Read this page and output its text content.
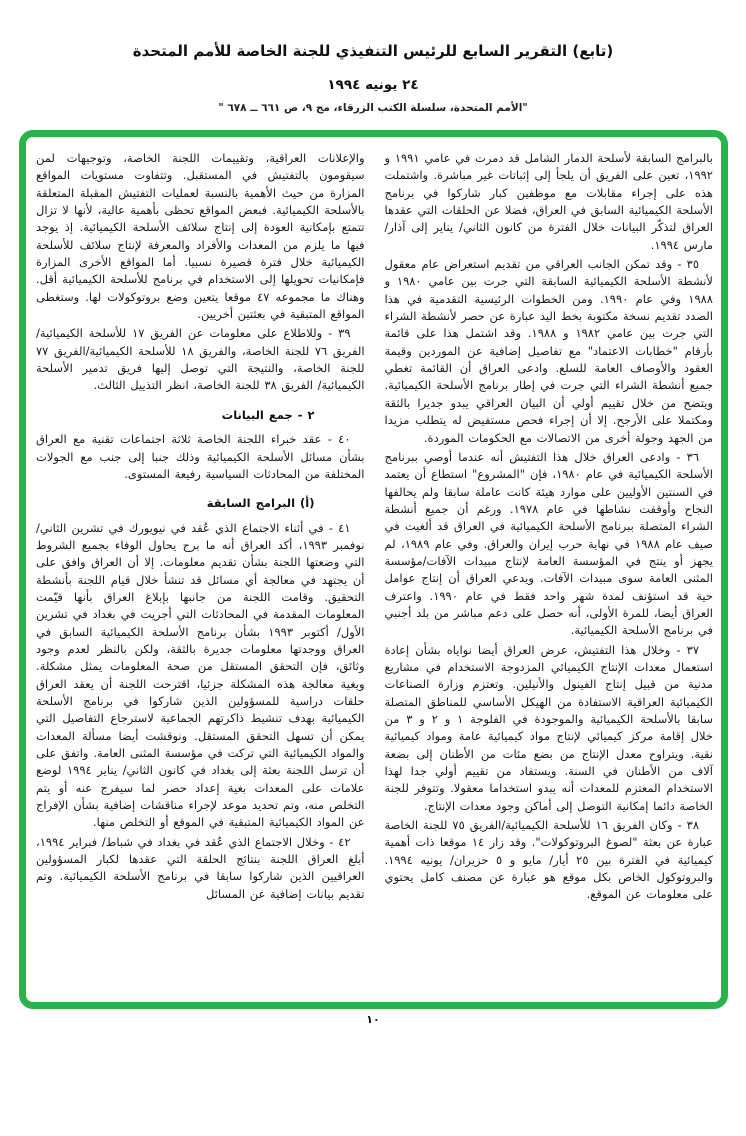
(تابع) التقرير السابع للرئيس التنفيذي للجنة الخاصة للأمم المتحدة
٢٤ يونيه ١٩٩٤
"الأمم المتحدة، سلسلة الكتب الزرقاء، مج ٩، ص ٦٦١ ــ ٦٧٨ "

بالبرامج السابقة لأسلحة الدمار الشامل قد دمرت في عامي ١٩٩١ و ١٩٩٢، تعين على الفريق أن يلجأ إلى إثباتات غير مباشرة. واشتملت هذه على إجراء مقابلات مع موظفين كبار شاركوا في برنامج الأسلحة الكيميائية السابق في العراق، فضلا عن الحلقات التي عقدها العراق لتذكّر البيانات خلال الفترة من كانون الثاني/ يناير إلى آذار/ مارس ١٩٩٤.

٣٥ - وقد تمكن الجانب العراقي من تقديم استعراض عام معقول لأنشطة الأسلحة الكيميائية السابقة التي جرت بين عامي ١٩٨٠ و ١٩٨٨ وفي عام ١٩٩٠. ومن الخطوات الرئيسية التقدمية في هذا الصدد تقديم نسخة مكتوبة بخط اليد عبارة عن حصر لأنشطة الشراء التي جرت بين عامي ١٩٨٢ و ١٩٨٨. وقد اشتمل هذا على قائمة بأرقام "خطابات الاعتماد" مع تفاصيل إضافية عن الموردين وقيمة العقود والأوصاف العامة للسلع. وادعى العراق أن القائمة تغطي جميع أنشطة الشراء التي جرت في إطار برنامج الأسلحة الكيميائية. ويتضح من خلال تقييم أولي أن البيان العراقي يبدو جديرا بالثقة ومكتملا على الأرجح. إلا أن إجراء فحص مستفيض له يتطلب مزيدا من الجهد وجولة أخرى من الاتصالات مع الحكومات الموردة.

٣٦ - وادعى العراق خلال هذا التفتيش أنه عندما أوصي ببرنامج الأسلحة الكيميائية في عام ١٩٨٠، فإن "المشروع" استطاع أن يعتمد في السنتين الأوليين على موارد هيئة كانت عاملة سابقا ولم يحالفها النجاح وأوقفت نشاطها في عام ١٩٧٨. ورغم أن جميع أنشطة الشراء المتصلة ببرنامج الأسلحة الكيميائية في العراق قد ألغيت في صيف عام ١٩٨٨ في نهاية حرب إيران والعراق. وفي عام ١٩٨٩، لم يجهز أو ينتج في المؤسسة العامة لإنتاج مبيدات الآفات/مؤسسة المثنى العامة سوى مبيدات الآفات. ويدعي العراق أن إنتاج عوامل حية قد استؤنف لمدة شهر واحد فقط في عام ١٩٩٠. واعترف العراق أيضا، للمرة الأولى، أنه حصل على دعم مباشر من بلد أجنبي في برنامج الأسلحة الكيميائية.

٣٧ - وخلال هذا التفتيش، عرض العراق أيضا نواياه بشأن إعادة استعمال معدات الإنتاج الكيميائي المزدوجة الاستخدام في مشاريع مدنية من قبيل إنتاج الفينول والأنيلين. وتعتزم وزارة الصناعات الكيميائية العراقية الاستفادة من الهيكل الأساسي للمناطق المتصلة سابقا بالأسلحة الكيميائية والموجودة في الفلوجة ١ و ٢ و ٣ من خلال إقامة مركز كيميائي لإنتاج مواد كيميائية عامة ومواد كيميائية نقية. ويتراوح معدل الإنتاج من بضع مئات من الأطنان إلى بضعة آلاف من الأطنان في السنة. ويستفاد من تقييم أولي جدا لهذا الاستخدام المعتزم للمعدات أنه يبدو استخداما معقولا. وتتوفر للجنة الخاصة دائما إمكانية التوصل إلى أماكن وجود معدات الإنتاج.

٣٨ - وكان الفريق ١٦ للأسلحة الكيميائية/الفريق ٧٥ للجنة الخاصة عبارة عن بعثة "لصوغ البروتوكولات". وقد زار ١٤ موقعا ذات أهمية كيميائية في الفترة بين ٢٥ أيار/ مايو و ٥ حزيران/ يونيه ١٩٩٤. والبروتوكول الخاص بكل موقع هو عبارة عن مصنف كامل يحتوي على معلومات عن الموقع.

والإعلانات العراقية، وتقييمات اللجنة الخاصة، وتوجيهات لمن سيقومون بالتفتيش في المستقبل. وتتفاوت مستويات المواقع المزارة من حيث الأهمية بالنسبة لعمليات التفتيش المقبلة المتعلقة بالأسلحة الكيميائية. فبعض المواقع تحظى بأهمية عالية، لأنها لا تزال تتمتع بإمكانية العودة إلى إنتاج سلائف الأسلحة الكيميائية. إذ يوجد فيها ما يلزم من المعدات والأفراد والمعرفة لإنتاج سلائف للأسلحة الكيميائية خلال فترة قصيرة نسبيا. أما المواقع الأخرى المزارة فإمكانيات تحويلها إلى الاستخدام في برنامج للأسلحة الكيميائية أقل. وهناك ما مجموعه ٤٧ موقعا يتعين وضع بروتوكولات لها. وستغطى المواقع المتبقية في بعثتين أخريين.

٣٩ - وللاطلاع على معلومات عن الفريق ١٧ للأسلحة الكيميائية/الفريق ٧٦ للجنة الخاصة، والفريق ١٨ للأسلحة الكيميائية/الفريق ٧٧ للجنة الخاصة، والنتيجة التي توصل إليها فريق تدمير الأسلحة الكيميائية/ الفريق ٣٨ للجنة الخاصة، انظر التذييل الثالث.

٢ - جمع البيانات

٤٠ - عقد خبراء اللجنة الخاصة ثلاثة اجتماعات تقنية مع العراق بشأن مسائل الأسلحة الكيميائية وذلك جنبا إلى جنب مع الجولات المختلفة من المحادثات السياسية رفيعة المستوى.

(أ) البرامج السابقة

٤١ - في أثناء الاجتماع الذي عُقد في نيويورك في تشرين الثاني/ نوفمبر ١٩٩٣، أكد العراق أنه ما برح يحاول الوفاء بجميع الشروط التي وضعتها اللجنة بشأن تقديم معلومات. إلا أن العراق وافق على أن يجتهد في معالجة أي مسائل قد تنشأ خلال قيام اللجنة بأنشطة التحقيق. وقامت اللجنة من جانبها بإبلاغ العراق بأنها قيّمت المعلومات المقدمة في المحادثات التي أجريت في بغداد في تشرين الأول/ أكتوبر ١٩٩٣ بشأن برنامج الأسلحة الكيميائية السابق في العراق ووجدتها معلومات جديرة بالثقة، ولكن بالنظر لعدم وجود وثائق، فإن التحقق المستقل من صحة المعلومات يمثل مشكلة. وبغية معالجة هذه المشكلة جزئيا، اقترحت اللجنة أن يعقد العراق حلقات دراسية للمسؤولين الذين شاركوا في برنامج الأسلحة الكيميائية بهدف تنشيط ذاكرتهم الجماعية لاسترجاع التفاصيل التي يمكن أن تسهل التحقق المستقل. ونوقشت أيضا مسألة المعدات والمواد الكيميائية التي تركت في مؤسسة المثنى العامة. واتفق على أن ترسل اللجنة بعثة إلى بغداد في كانون الثاني/ يناير ١٩٩٤ لوضع علامات على المعدات بغية إعداد حصر لما سيفرج عنه أو يتم التخلص منه، وتم تحديد موعد لإجراء مناقشات إضافية بشأن الإفراج عن المواد الكيميائية المتبقية في الموقع أو التخلص منها.

٤٢ - وخلال الاجتماع الذي عُقد في بغداد في شباط/ فبراير ١٩٩٤، أبلغ العراق اللجنة بنتائج الحلقة التي عقدها لكبار المسؤولين العراقيين الذين شاركوا سابقا في برنامج الأسلحة الكيميائية. وتم تقديم بيانات إضافية عن المسائل

١٠
